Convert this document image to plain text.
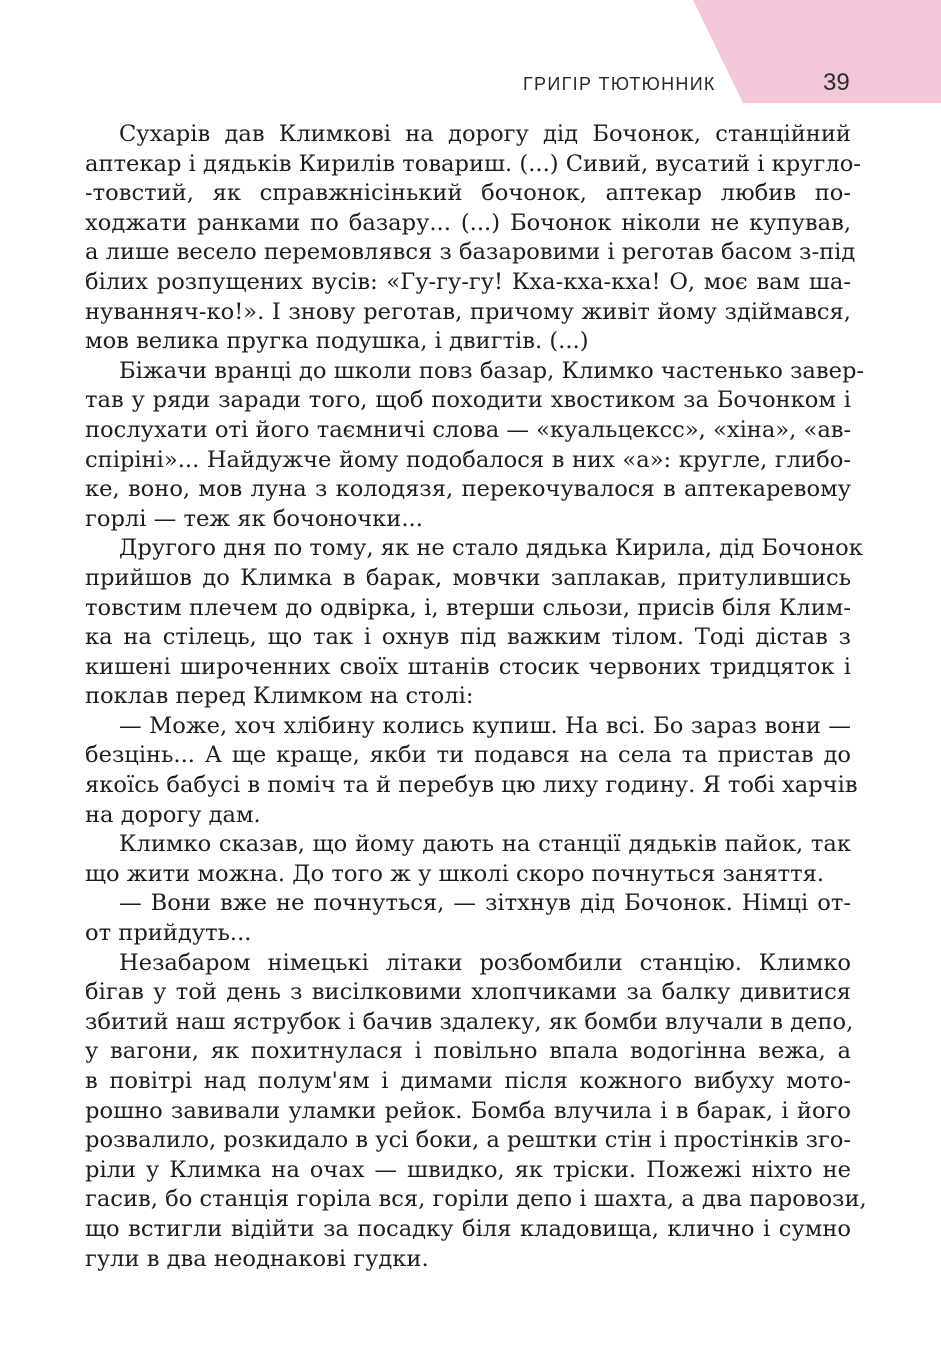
ГРИГІР ТЮТЮННИК	39
Сухарів дав Климкові на дорогу дід Бочонок, станційний
аптекар і дядьків Кирилів товариш. (...) Сивий, вусатий і кругло-
-товстий, як справжнісінький бочонок, аптекар любив по-
ходжати ранками по базару... (...) Бочонок ніколи не купував,
а лише весело перемовлявся з базаровими і реготав басом з-під
білих розпущених вусів: «Гу-гу-гу! Кха-кха-кха! О, моє вам ша-
нуванняч-ко!». І знову реготав, причому живіт йому здіймався,
мов велика пругка подушка, і двигтів. (...)
Біжачи вранці до школи повз базар, Климко частенько завер-
тав у ряди заради того, щоб походити хвостиком за Бочонком і
послухати оті його таємничі слова — «куальцексс», «хіна», «ав-
спіріні»... Найдужче йому подобалося в них «а»: кругле, глибо-
ке, воно, мов луна з колодязя, перекочувалося в аптекаревому
горлі — теж як бочоночки...
Другого дня по тому, як не стало дядька Кирила, дід Бочонок
прийшов до Климка в барак, мовчки заплакав, притулившись
товстим плечем до одвірка, і, втерши сльози, присів біля Клим-
ка на стілець, що так і охнув під важким тілом. Тоді дістав з
кишені широченних своїх штанів стосик червоних тридцяток і
поклав перед Климком на столі:
— Може, хоч хлібину колись купиш. На всі. Бо зараз вони —
безцінь... А ще краще, якби ти подався на села та пристав до
якоїсь бабусі в поміч та й перебув цю лиху годину. Я тобі харчів
на дорогу дам.
Климко сказав, що йому дають на станції дядьків пайок, так
що жити можна. До того ж у школі скоро почнуться заняття.
— Вони вже не почнуться, — зітхнув дід Бочонок. Німці от-
от прийдуть...
Незабаром німецькі літаки розбомбили станцію. Климко
бігав у той день з висілковими хлопчиками за балку дивитися
збитий наш яструбок і бачив здалеку, як бомби влучали в депо,
у вагони, як похитнулася і повільно впала водогінна вежа, а
в повітрі над полум'ям і димами після кожного вибуху мото-
рошно завивали уламки рейок. Бомба влучила і в барак, і його
розвалило, розкидало в усі боки, а рештки стін і простінків зго-
ріли у Климка на очах — швидко, як тріски. Пожежі ніхто не
гасив, бо станція горіла вся, горіли депо і шахта, а два паровози,
що встигли відійти за посадку біля кладовища, клично і сумно
гули в два неоднакові гудки.
